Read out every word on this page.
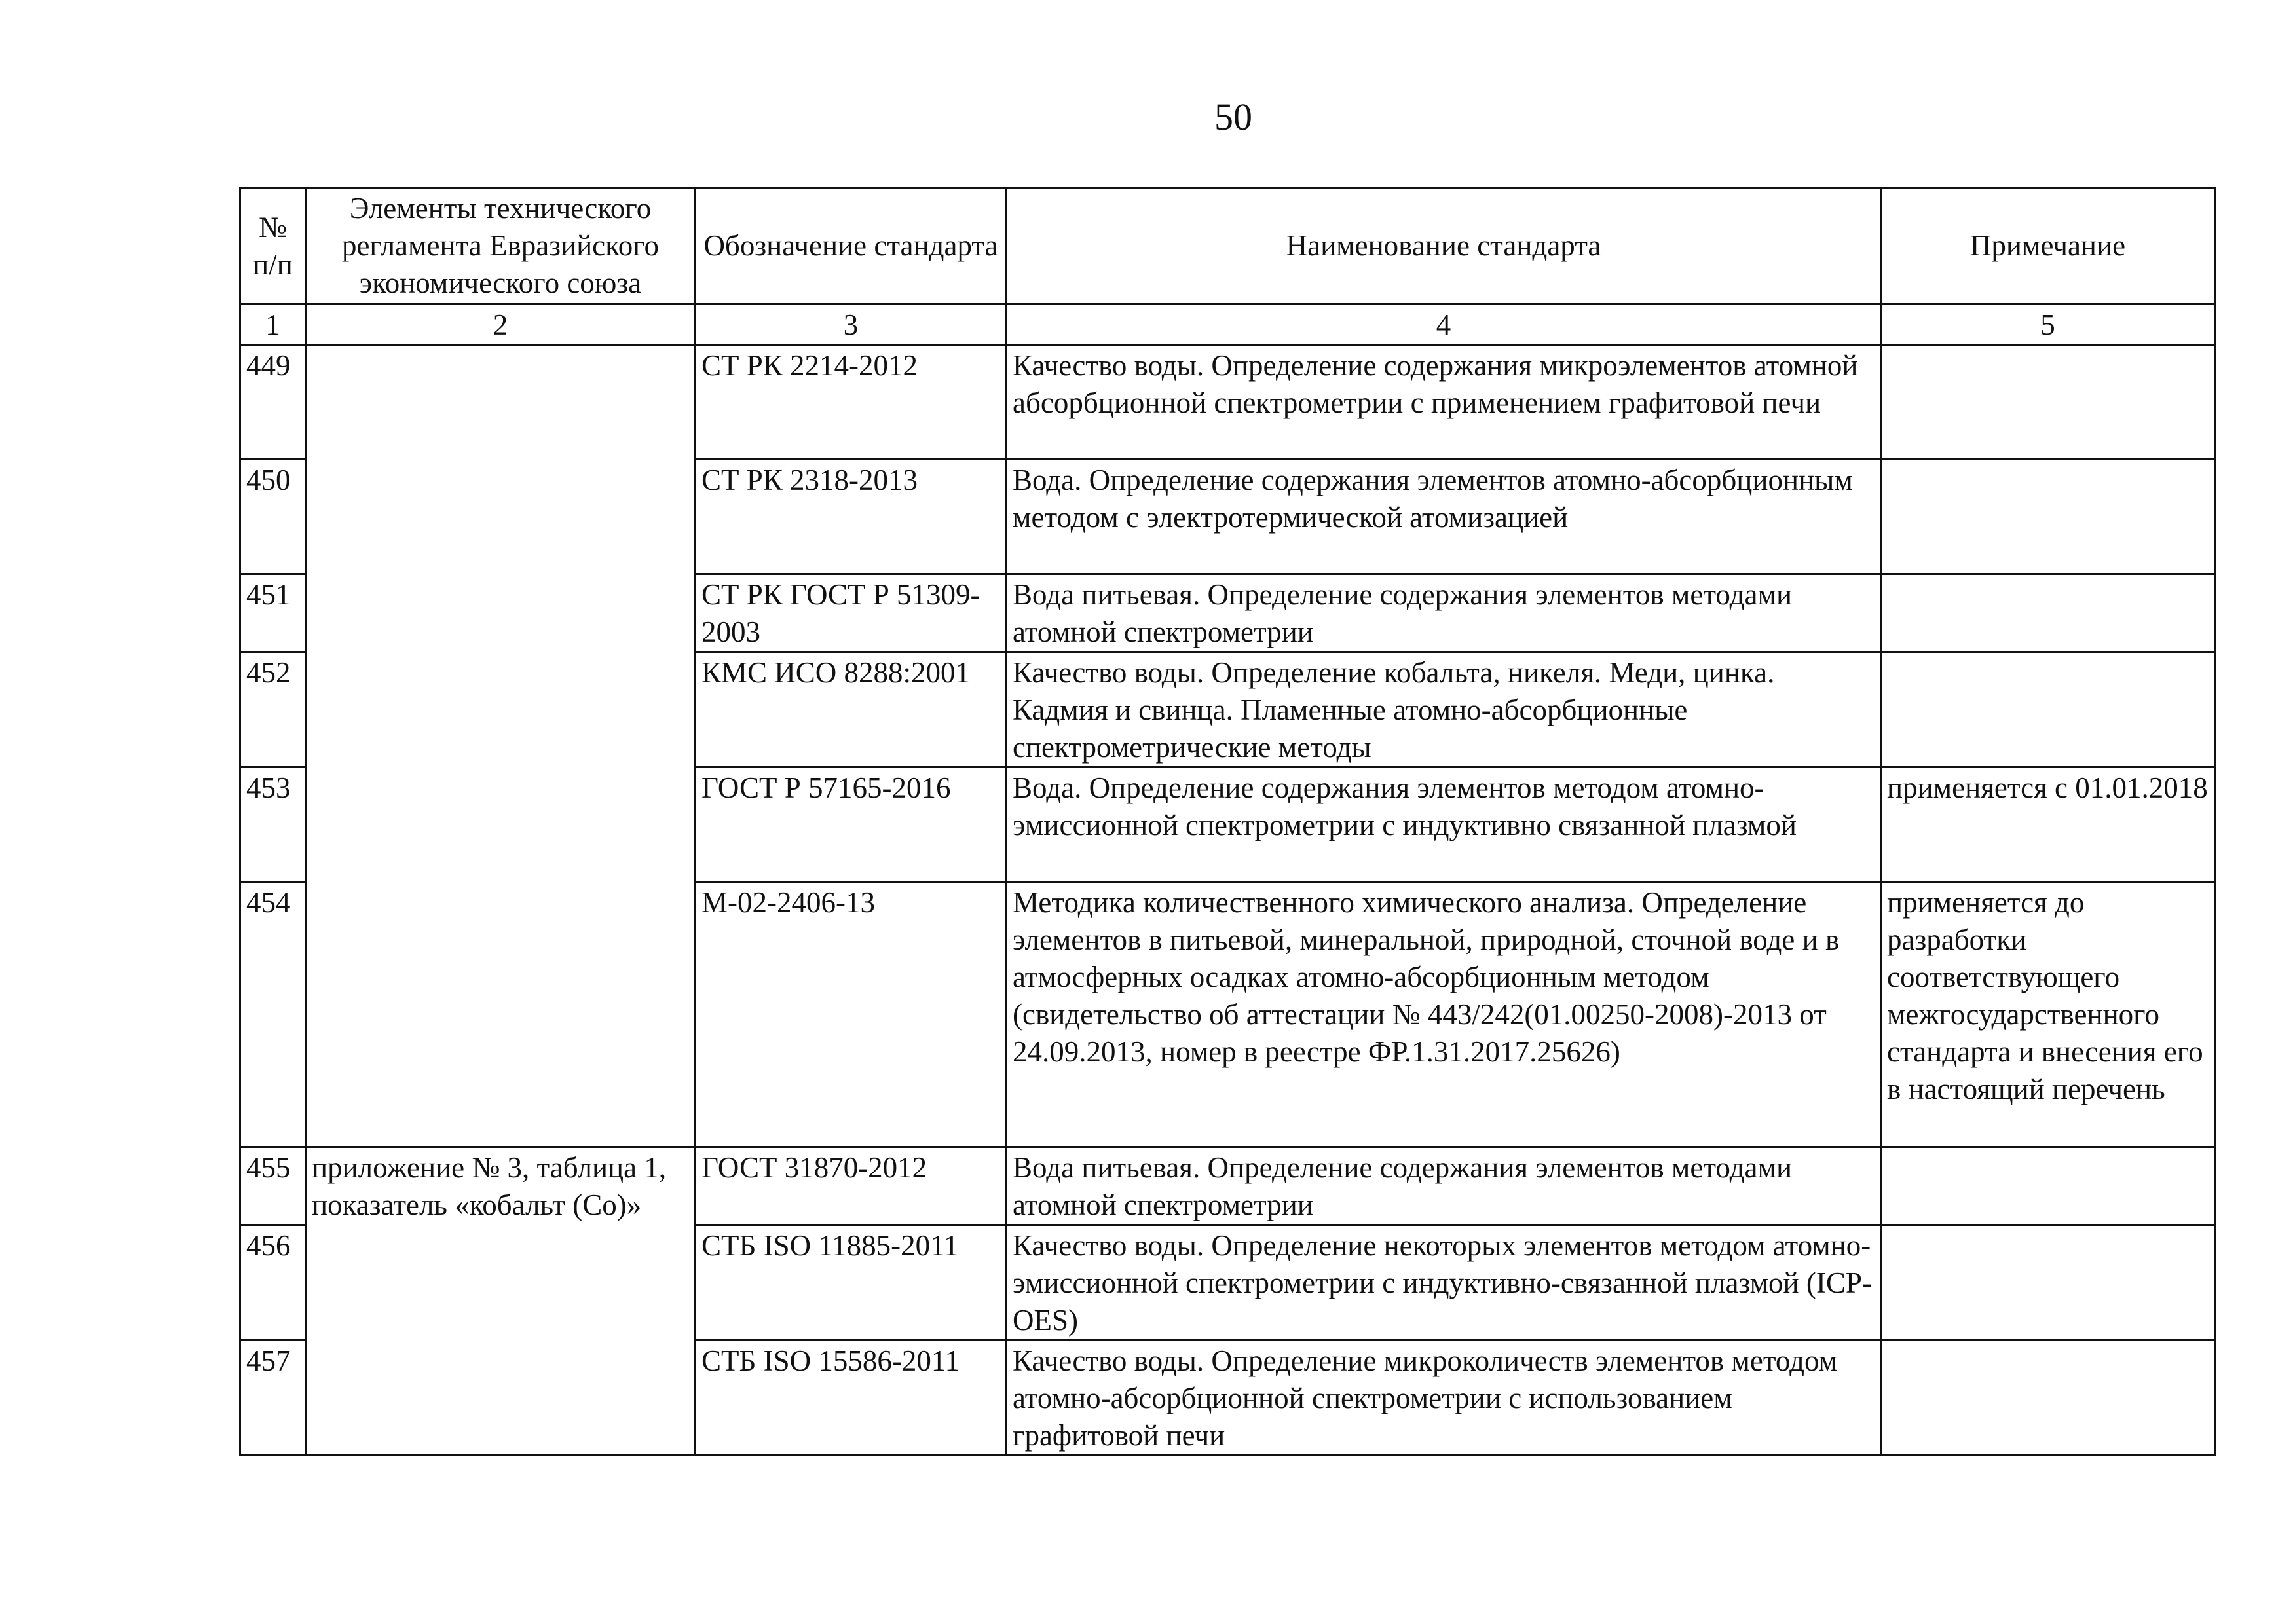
50
№ п/п	Элементы технического регламента Евразийского экономического союза	Обозначение стандарта	Наименование стандарта	Примечание
1	2	3	4	5
449		СТ РК 2214-2012	Качество воды. Определение содержания микроэлементов атомной абсорбционной спектрометрии с применением графитовой печи	
450		СТ РК 2318-2013	Вода. Определение содержания элементов атомно-абсорбционным методом с электротермической атомизацией	
451		СТ РК ГОСТ Р 51309-2003	Вода питьевая. Определение содержания элементов методами атомной спектрометрии	
452		КМС ИСО 8288:2001	Качество воды. Определение кобальта, никеля. Меди, цинка. Кадмия и свинца. Пламенные атомно-абсорбционные спектрометрические методы	
453		ГОСТ Р 57165-2016	Вода. Определение содержания элементов методом атомно-эмиссионной спектрометрии с индуктивно связанной плазмой	применяется с 01.01.2018
454		М-02-2406-13	Методика количественного химического анализа. Определение элементов в питьевой, минеральной, природной, сточной воде и в атмосферных осадках атомно-абсорбционным методом (свидетельство об аттестации № 443/242(01.00250-2008)-2013 от 24.09.2013, номер в реестре ФР.1.31.2017.25626)	применяется до разработки соответствующего межгосударственного стандарта и внесения его в настоящий перечень
455	приложение № 3, таблица 1, показатель «кобальт (Co)»	ГОСТ 31870-2012	Вода питьевая. Определение содержания элементов методами атомной спектрометрии	
456		СТБ ISO 11885-2011	Качество воды. Определение некоторых элементов методом атомно-эмиссионной спектрометрии с индуктивно-связанной плазмой (ICP-OES)	
457		СТБ ISO 15586-2011	Качество воды. Определение микроколичеств элементов методом атомно-абсорбционной спектрометрии с использованием графитовой печи	
